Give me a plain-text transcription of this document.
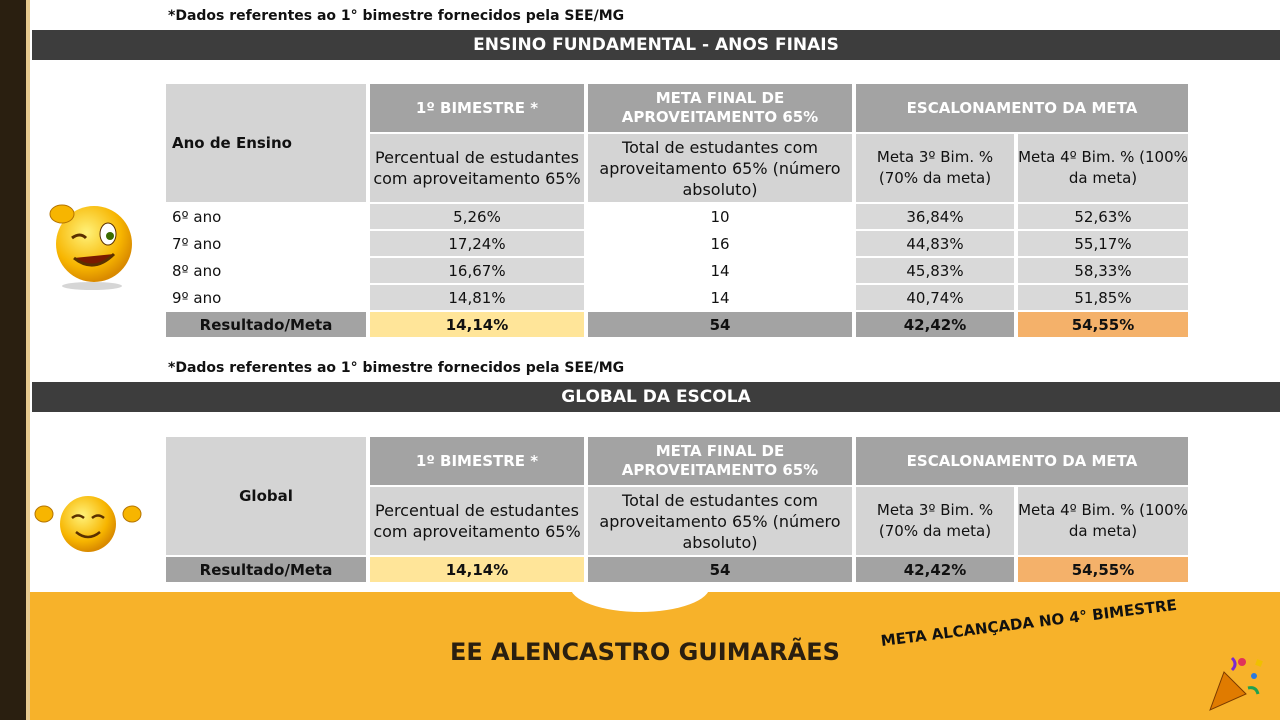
*Dados referentes ao 1° bimestre fornecidos pela SEE/MG
ENSINO FUNDAMENTAL - ANOS FINAIS
Ano de Ensino	1º BIMESTRE *	META FINAL DE APROVEITAMENTO 65%	ESCALONAMENTO DA META	
	Percentual de estudantes com aproveitamento 65%	Total de estudantes com aproveitamento 65% (número absoluto)	Meta 3º Bim. % (70% da meta)	Meta 4º Bim. % (100% da meta)
6º ano	5,26%	10	36,84%	52,63%
7º ano	17,24%	16	44,83%	55,17%
8º ano	16,67%	14	45,83%	58,33%
9º ano	14,81%	14	40,74%	51,85%
Resultado/Meta	14,14%	54	42,42%	54,55%
*Dados referentes ao 1° bimestre fornecidos pela SEE/MG
GLOBAL DA ESCOLA
Global	1º BIMESTRE *	META FINAL DE APROVEITAMENTO 65%	ESCALONAMENTO DA META	
	Percentual de estudantes com aproveitamento 65%	Total de estudantes com aproveitamento 65% (número absoluto)	Meta 3º Bim. % (70% da meta)	Meta 4º Bim. % (100% da meta)
Resultado/Meta	14,14%	54	42,42%	54,55%
EE ALENCASTRO GUIMARÃES
META ALCANÇADA NO 4° BIMESTRE
